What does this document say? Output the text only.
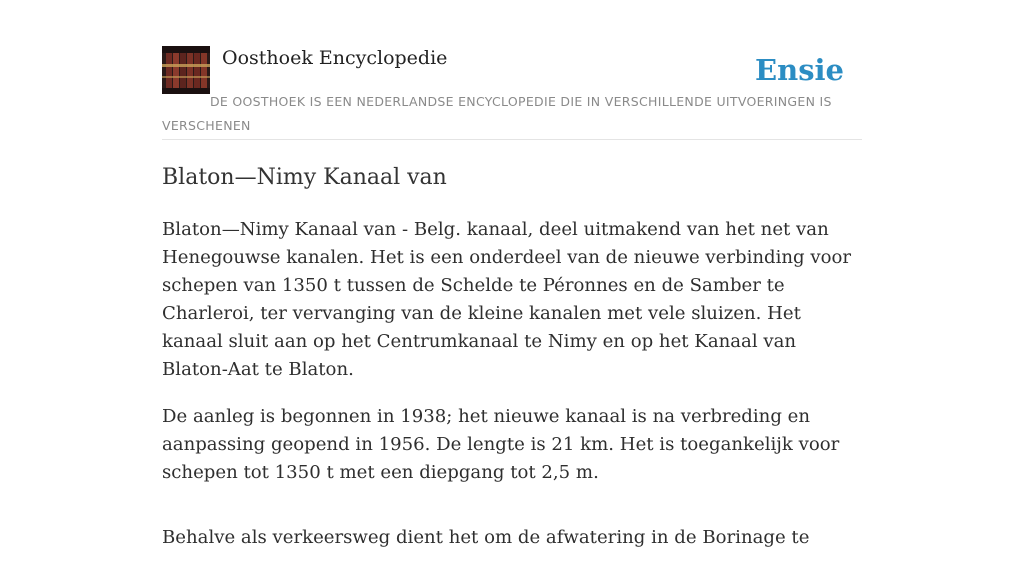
Oosthoek Encyclopedie	Ensie
DE OOSTHOEK IS EEN NEDERLANDSE ENCYCLOPEDIE DIE IN VERSCHILLENDE UITVOERINGEN IS VERSCHENEN
Blaton—Nimy Kanaal van

Blaton—Nimy Kanaal van - Belg. kanaal, deel uitmakend van het net van Henegouwse kanalen. Het is een onderdeel van de nieuwe verbinding voor schepen van 1350 t tussen de Schelde te Péronnes en de Samber te Charleroi, ter vervanging van de kleine kanalen met vele sluizen. Het kanaal sluit aan op het Centrumkanaal te Nimy en op het Kanaal van Blaton-Aat te Blaton.

De aanleg is begonnen in 1938; het nieuwe kanaal is na verbreding en aanpassing geopend in 1956. De lengte is 21 km. Het is toegankelijk voor schepen tot 1350 t met een diepgang tot 2,5 m.

Behalve als verkeersweg dient het om de afwatering in de Borinage te
